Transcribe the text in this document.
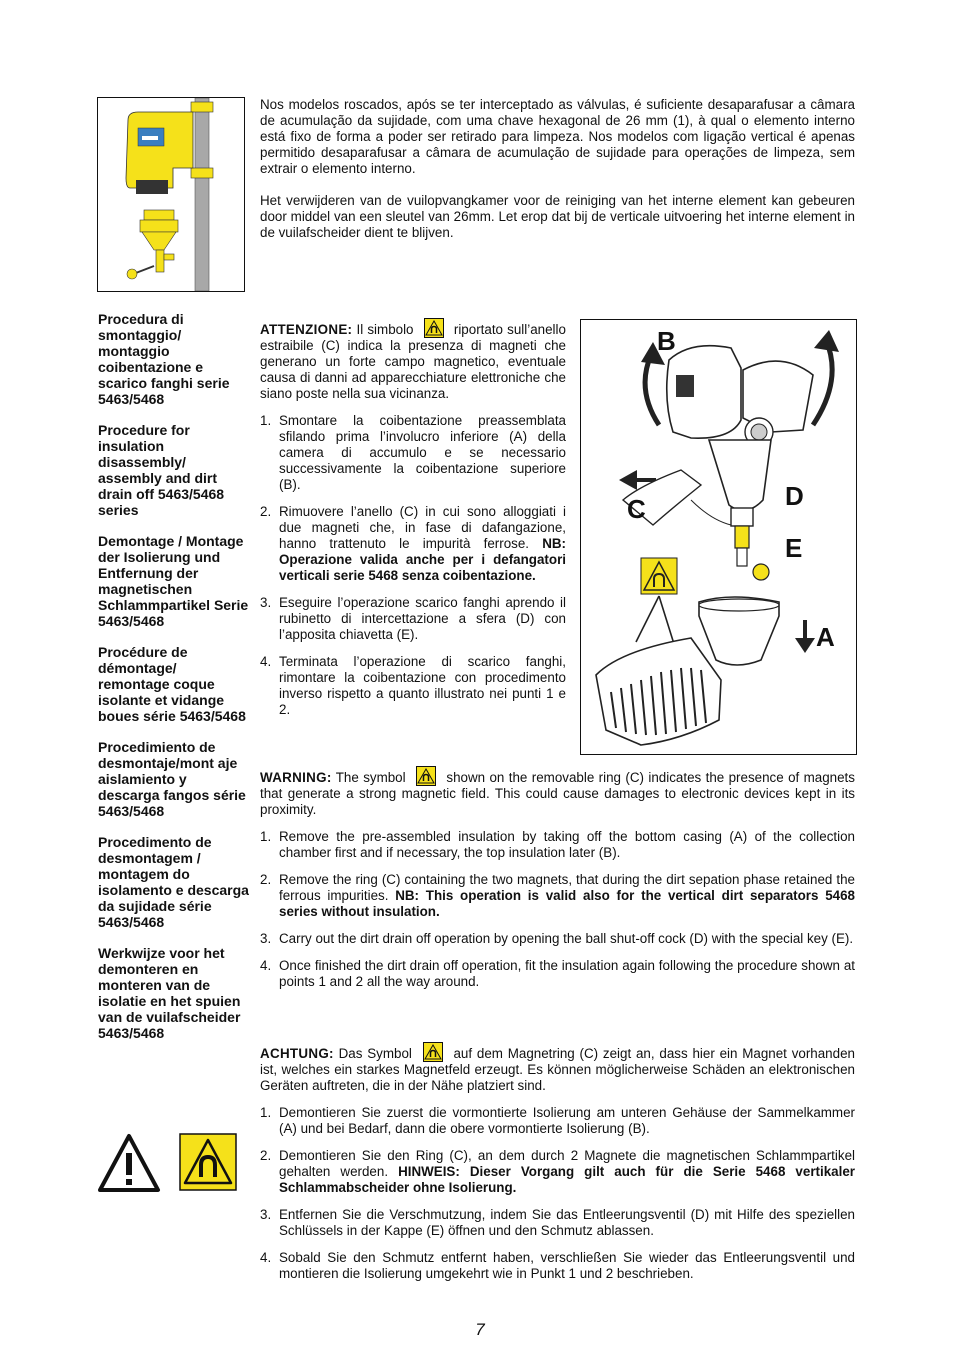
Nos modelos roscados, após se ter interceptado as válvulas, é suficiente desaparafusar a câmara de acumulação da sujidade, com uma chave hexagonal de 26 mm (1), à qual o elemento interno está fixo de forma a poder ser retirado para limpeza. Nos modelos com ligação vertical é apenas permitido desaparafusar a câmara de acumulação de sujidade para operações de limpeza, sem extrair o elemento interno.

Het verwijderen van de vuilopvangkamer voor de reiniging van het interne element kan gebeuren door middel van een sleutel van 26mm. Let erop dat bij de verticale uitvoering het interne element in de vuilafscheider dient te blijven.

Procedura di smontaggio/ montaggio coibentazione e scarico fanghi serie 5463/5468

Procedure for insulation disassembly/ assembly and dirt drain off 5463/5468 series

Demontage / Montage der Isolierung und Entfernung der magnetischen Schlammpartikel Serie 5463/5468

Procédure de démontage/ remontage coque isolante et vidange boues série 5463/5468

Procedimiento de desmontaje/mont aje aislamiento y descarga fangos série 5463/5468

Procedimento de desmontagem / montagem do isolamento e descarga da sujidade série 5463/5468

Werkwijze voor het demonteren en monteren van de isolatie en het spuien van de vuilafscheider 5463/5468

ATTENZIONE: Il simbolo	riportato sull’anello estraibile (C) indica la presenza di magneti che generano un forte campo magnetico, eventuale causa di danni ad apparecchiature elettroniche che siano poste nella sua vicinanza.

1. Smontare la coibentazione preassemblata sfilando prima l’involucro inferiore (A) della camera di accumulo e se necessario successivamente la coibentazione superiore (B).
2. Rimuovere l’anello (C) in cui sono alloggiati i due magneti che, in fase di dafangazione, hanno trattenuto le impurità ferrose. NB: Operazione valida anche per i defangatori verticali serie 5468 senza coibentazione.
3. Eseguire l’operazione scarico fanghi aprendo il rubinetto di intercettazione a sfera (D) con l’apposita chiavetta (E).
4. Terminata l’operazione di scarico fanghi, rimontare la coibentazione con procedimento inverso rispetto a quanto illustrato nei punti 1 e 2.
B
D
C
E
A

WARNING: The symbol	shown on the removable ring (C) indicates the presence of magnets that generate a strong magnetic field. This could cause damages to electronic devices kept in its proximity.

1. Remove the pre-assembled insulation by taking off the bottom casing (A) of the collection chamber first and if necessary, the top insulation later (B).
2. Remove the ring (C) containing the two magnets, that during the dirt sepation phase retained the ferrous impurities. NB: This operation is valid also for the vertical dirt separators 5468 series without insulation.
3. Carry out the dirt drain off operation by opening the ball shut-off cock (D) with the special key (E).
4. Once finished the dirt drain off operation, fit the insulation again following the procedure shown at points 1 and 2 all the way around.

ACHTUNG: Das Symbol	auf dem Magnetring (C) zeigt an, dass hier ein Magnet vorhanden ist, welches ein starkes Magnetfeld erzeugt. Es können möglicherweise Schäden an elektronischen Geräten auftreten, die in der Nähe platziert sind.

1. Demontieren Sie zuerst die vormontierte Isolierung am unteren Gehäuse der Sammelkammer (A) und bei Bedarf, dann die obere vormontierte Isolierung (B).
2. Demontieren Sie den Ring (C), an dem durch 2 Magnete die magnetischen Schlammpartikel gehalten werden. HINWEIS: Dieser Vorgang gilt auch für die Serie 5468 vertikaler Schlammabscheider ohne Isolierung.
3. Entfernen Sie die Verschmutzung, indem Sie das Entleerungsventil (D) mit Hilfe des speziellen Schlüssels in der Kappe (E) öffnen und den Schmutz ablassen.
4. Sobald Sie den Schmutz entfernt haben, verschließen Sie wieder das Entleerungsventil und montieren die Isolierung umgekehrt wie in Punkt 1 und 2 beschrieben.
7
